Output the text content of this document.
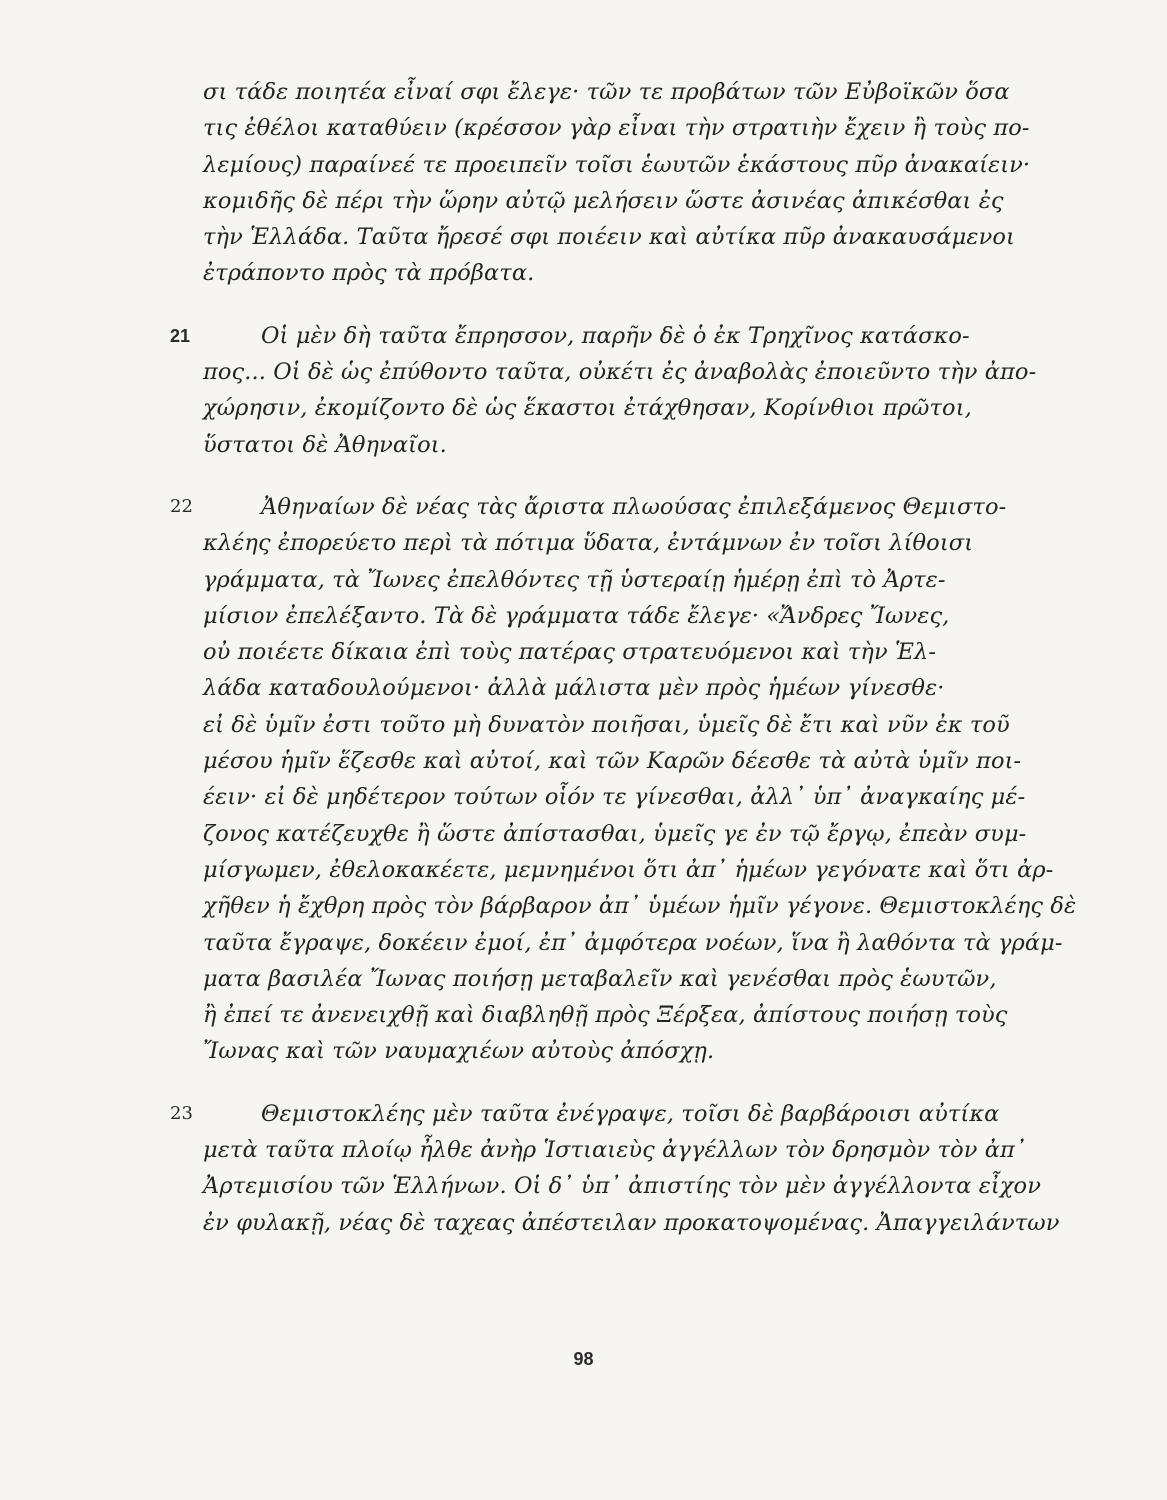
σι τάδε ποιητέα εἶναί σφι ἔλεγε· τῶν τε προβάτων τῶν Εὐβοϊκῶν ὅσα
τις ἐθέλοι καταθύειν (κρέσσον γὰρ εἶναι τὴν στρατιὴν ἔχειν ἢ τοὺς πο-
λεμίους) παραίνεέ τε προειπεῖν τοῖσι ἑωυτῶν ἑκάστους πῦρ ἀνακαίειν·
κομιδῆς δὲ πέρι τὴν ὥρην αὐτῷ μελήσειν ὥστε ἀσινέας ἀπικέσθαι ἐς
τὴν Ἑλλάδα. Ταῦτα ἤρεσέ σφι ποιέειν καὶ αὐτίκα πῦρ ἀνακαυσάμενοι
ἐτράποντο πρὸς τὰ πρόβατα.
21	Οἱ μὲν δὴ ταῦτα ἔπρησσον, παρῆν δὲ ὁ ἐκ Τρηχῖνος κατάσκο-
πος... Οἱ δὲ ὡς ἐπύθοντο ταῦτα, οὐκέτι ἐς ἀναβολὰς ἐποιεῦντο τὴν ἀπο-
χώρησιν, ἐκομίζοντο δὲ ὡς ἕκαστοι ἐτάχθησαν, Κορίνθιοι πρῶτοι,
ὕστατοι δὲ Ἀθηναῖοι.
22	Ἀθηναίων δὲ νέας τὰς ἄριστα πλωούσας ἐπιλεξάμενος Θεμιστο-
κλέης ἐπορεύετο περὶ τὰ πότιμα ὕδατα, ἐντάμνων ἐν τοῖσι λίθοισι
γράμματα, τὰ Ἴωνες ἐπελθόντες τῇ ὑστεραίῃ ἡμέρῃ ἐπὶ τὸ Ἀρτε-
μίσιον ἐπελέξαντο. Τὰ δὲ γράμματα τάδε ἔλεγε· «Ἄνδρες Ἴωνες,
οὐ ποιέετε δίκαια ἐπὶ τοὺς πατέρας στρατευόμενοι καὶ τὴν Ἑλ-
λάδα καταδουλούμενοι· ἀλλὰ μάλιστα μὲν πρὸς ἡμέων γίνεσθε·
εἰ δὲ ὑμῖν ἐστι τοῦτο μὴ δυνατὸν ποιῆσαι, ὑμεῖς δὲ ἔτι καὶ νῦν ἐκ τοῦ
μέσου ἡμῖν ἕζεσθε καὶ αὐτοί, καὶ τῶν Καρῶν δέεσθε τὰ αὐτὰ ὑμῖν ποι-
έειν· εἰ δὲ μηδέτερον τούτων οἷόν τε γίνεσθαι, ἀλλ᾿ ὑπ᾿ ἀναγκαίης μέ-
ζονος κατέζευχθε ἢ ὥστε ἀπίστασθαι, ὑμεῖς γε ἐν τῷ ἔργῳ, ἐπεὰν συμ-
μίσγωμεν, ἐθελοκακέετε, μεμνημένοι ὅτι ἀπ᾿ ἡμέων γεγόνατε καὶ ὅτι ἀρ-
χῆθεν ἡ ἔχθρη πρὸς τὸν βάρβαρον ἀπ᾿ ὑμέων ἡμῖν γέγονε. Θεμιστοκλέης δὲ
ταῦτα ἔγραψε, δοκέειν ἐμοί, ἐπ᾿ ἀμφότερα νοέων, ἵνα ἢ λαθόντα τὰ γράμ-
ματα βασιλέα Ἴωνας ποιήσῃ μεταβαλεῖν καὶ γενέσθαι πρὸς ἑωυτῶν,
ἢ ἐπεί τε ἀνενειχθῇ καὶ διαβληθῇ πρὸς Ξέρξεα, ἀπίστους ποιήσῃ τοὺς
Ἴωνας καὶ τῶν ναυμαχιέων αὐτοὺς ἀπόσχῃ.
23	Θεμιστοκλέης μὲν ταῦτα ἐνέγραψε, τοῖσι δὲ βαρβάροισι αὐτίκα
μετὰ ταῦτα πλοίῳ ἦλθε ἀνὴρ Ἱστιαιεὺς ἀγγέλλων τὸν δρησμὸν τὸν ἀπ᾿
Ἀρτεμισίου τῶν Ἑλλήνων. Οἱ δ᾿ ὑπ᾿ ἀπιστίης τὸν μὲν ἀγγέλλοντα εἶχον
ἐν φυλακῇ, νέας δὲ ταχεας ἀπέστειλαν προκατοψομένας. Ἀπαγγειλάντων
98
